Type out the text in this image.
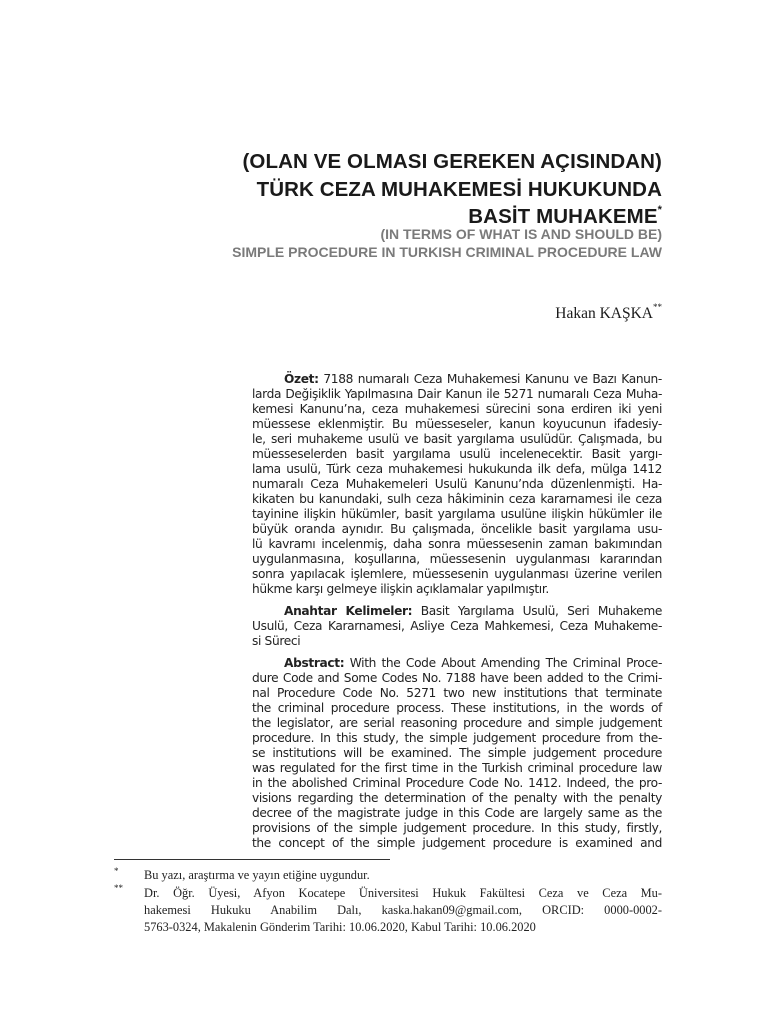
(OLAN VE OLMASI GEREKEN AÇISINDAN)
TÜRK CEZA MUHAKEMESİ HUKUKUNDA
BASİT MUHAKEME*
(IN TERMS OF WHAT IS AND SHOULD BE)
SIMPLE PROCEDURE IN TURKISH CRIMINAL PROCEDURE LAW
Hakan KAŞKA**
Özet: 7188 numaralı Ceza Muhakemesi Kanunu ve Bazı Kanun-
larda Değişiklik Yapılmasına Dair Kanun ile 5271 numaralı Ceza Muha-
kemesi Kanunu’na, ceza muhakemesi sürecini sona erdiren iki yeni
müessese eklenmiştir. Bu müesseseler, kanun koyucunun ifadesiy-
le, seri muhakeme usulü ve basit yargılama usulüdür. Çalışmada, bu
müesseselerden basit yargılama usulü incelenecektir. Basit yargı-
lama usulü, Türk ceza muhakemesi hukukunda ilk defa, mülga 1412
numaralı Ceza Muhakemeleri Usulü Kanunu’nda düzenlenmişti. Ha-
kikaten bu kanundaki, sulh ceza hâkiminin ceza kararnamesi ile ceza
tayinine ilişkin hükümler, basit yargılama usulüne ilişkin hükümler ile
büyük oranda aynıdır. Bu çalışmada, öncelikle basit yargılama usu-
lü kavramı incelenmiş, daha sonra müessesenin zaman bakımından
uygulanmasına, koşullarına, müessesenin uygulanması kararından
sonra yapılacak işlemlere, müessesenin uygulanması üzerine verilen
hükme karşı gelmeye ilişkin açıklamalar yapılmıştır.
Anahtar Kelimeler: Basit Yargılama Usulü, Seri Muhakeme
Usulü, Ceza Kararnamesi, Asliye Ceza Mahkemesi, Ceza Muhakeme-
si Süreci
Abstract: With the Code About Amending The Criminal Proce-
dure Code and Some Codes No. 7188 have been added to the Crimi-
nal Procedure Code No. 5271 two new institutions that terminate
the criminal procedure process. These institutions, in the words of
the legislator, are serial reasoning procedure and simple judgement
procedure. In this study, the simple judgement procedure from the-
se institutions will be examined. The simple judgement procedure
was regulated for the first time in the Turkish criminal procedure law
in the abolished Criminal Procedure Code No. 1412. Indeed, the pro-
visions regarding the determination of the penalty with the penalty
decree of the magistrate judge in this Code are largely same as the
provisions of the simple judgement procedure. In this study, firstly,
the concept of the simple judgement procedure is examined and
* Bu yazı, araştırma ve yayın etiğine uygundur.
** Dr. Öğr. Üyesi, Afyon Kocatepe Üniversitesi Hukuk Fakültesi Ceza ve Ceza Mu-
hakemesi Hukuku Anabilim Dalı, kaska.hakan09@gmail.com, ORCID: 0000-0002-
5763-0324, Makalenin Gönderim Tarihi: 10.06.2020, Kabul Tarihi: 10.06.2020
